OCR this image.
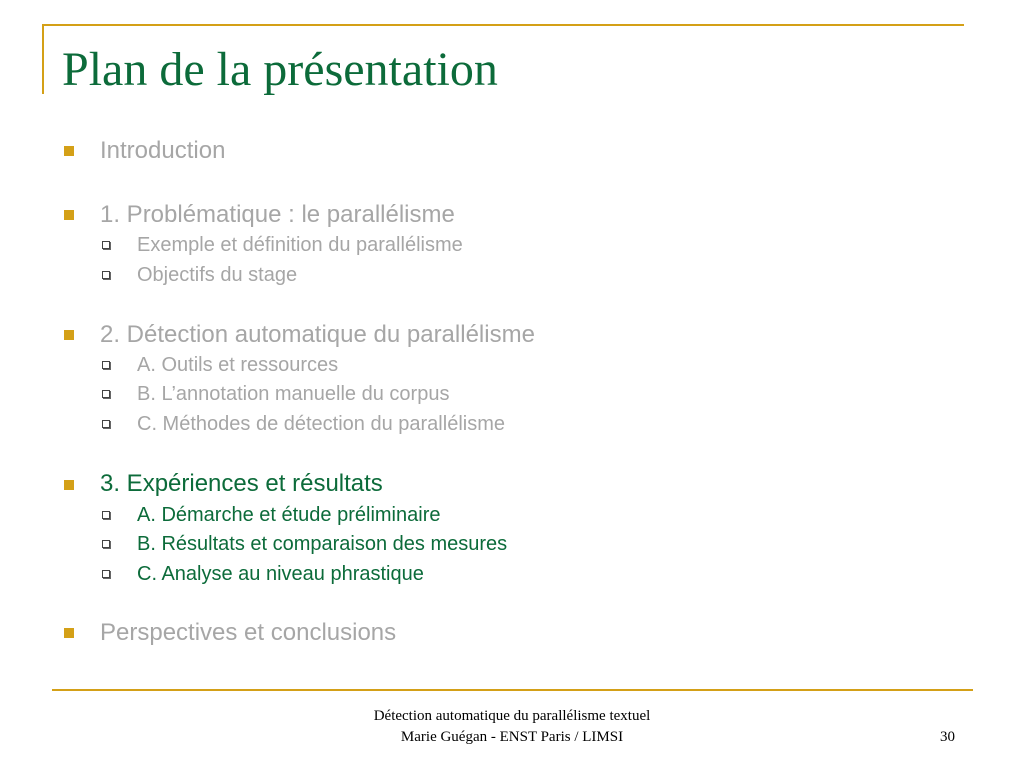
Plan de la présentation
Introduction
1. Problématique : le parallélisme
Exemple et définition du parallélisme
Objectifs du stage
2. Détection automatique du parallélisme
A. Outils et ressources
B. L’annotation manuelle du corpus
C. Méthodes de détection du parallélisme
3. Expériences et résultats
A. Démarche et étude préliminaire
B. Résultats et comparaison des mesures
C. Analyse au niveau phrastique
Perspectives et conclusions
Détection automatique du parallélisme textuel
Marie Guégan - ENST Paris / LIMSI	30
